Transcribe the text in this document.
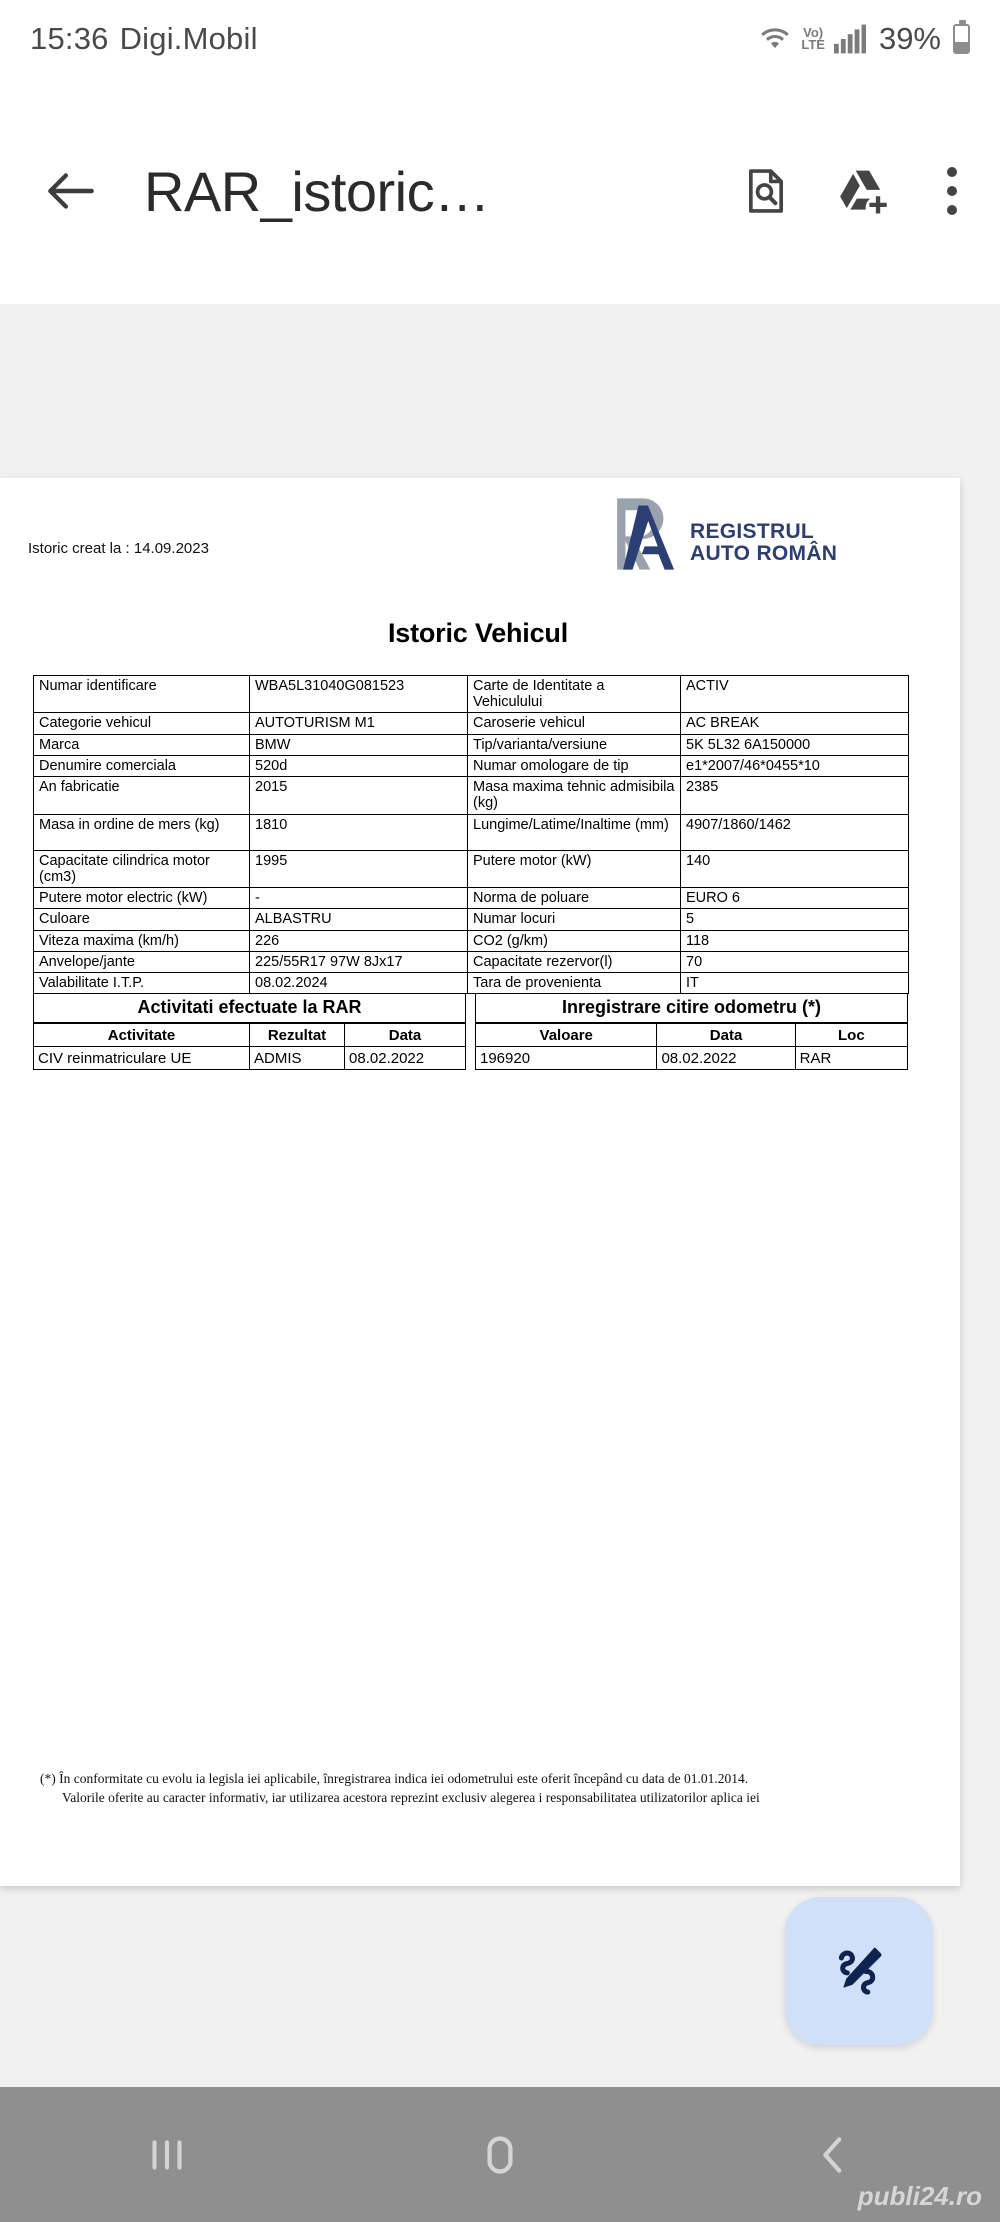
15:36 Digi.Mobil	Vo)
LTE 39%
RAR_istoric…
Istoric creat la : 14.09.2023
REGISTRUL
AUTO ROMÂN
Istoric Vehicul
Numar identificare	WBA5L31040G081523	Carte de Identitate a Vehiculului	ACTIV
Categorie vehicul	AUTOTURISM M1	Caroserie vehicul	AC BREAK
Marca	BMW	Tip/varianta/versiune	5K 5L32 6A150000
Denumire comerciala	520d	Numar omologare de tip	e1*2007/46*0455*10
An fabricatie	2015	Masa maxima tehnic admisibila (kg)	2385
Masa in ordine de mers (kg)	1810	Lungime/Latime/Inaltime (mm)	4907/1860/1462
Capacitate cilindrica motor (cm3)	1995	Putere motor (kW)	140
Putere motor electric (kW)	-	Norma de poluare	EURO 6
Culoare	ALBASTRU	Numar locuri	5
Viteza maxima (km/h)	226	CO2 (g/km)	118
Anvelope/jante	225/55R17 97W 8Jx17	Capacitate rezervor(l)	70
Valabilitate I.T.P.	08.02.2024	Tara de provenienta	IT
Activitati efectuate la RAR
Activitate	Rezultat	Data
CIV reinmatriculare UE	ADMIS	08.02.2022
Inregistrare citire odometru (*)
Valoare	Data	Loc
196920	08.02.2022	RAR
(*) În conformitate cu evolu ia legisla iei aplicabile, înregistrarea indica iei odometrului este oferit începând cu data de 01.01.2014.
Valorile oferite au caracter informativ, iar utilizarea acestora reprezint exclusiv alegerea i responsabilitatea utilizatorilor aplica iei
publi24.ro
